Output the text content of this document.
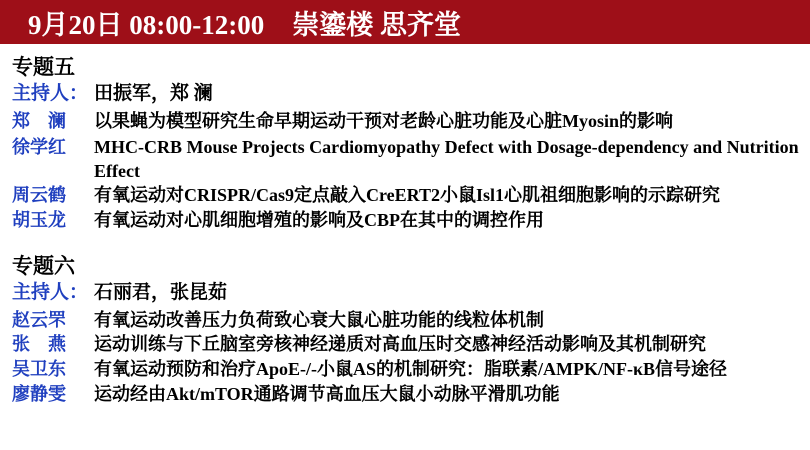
9月20日 08:00-12:00 崇鎏楼 思齐堂
专题五
主持人： 田振军，郑 澜
郑　澜	以果蝇为模型研究生命早期运动干预对老龄心脏功能及心脏Myosin的影响
徐学红	MHC-CRB Mouse Projects Cardiomyopathy Defect with Dosage-dependency and Nutrition Effect
周云鹤	有氧运动对CRISPR/Cas9定点敲入CreERT2小鼠Isl1心肌祖细胞影响的示踪研究
胡玉龙	有氧运动对心肌细胞增殖的影响及CBP在其中的调控作用
专题六
主持人： 石丽君，张昆茹
赵云罘	有氧运动改善压力负荷致心衰大鼠心脏功能的线粒体机制
张　燕	运动训练与下丘脑室旁核神经递质对高血压时交感神经活动影响及其机制研究
吴卫东	有氧运动预防和治疗ApoE-/-小鼠AS的机制研究：脂联素/AMPK/NF-κB信号途径
廖静雯	运动经由Akt/mTOR通路调节高血压大鼠小动脉平滑肌功能
